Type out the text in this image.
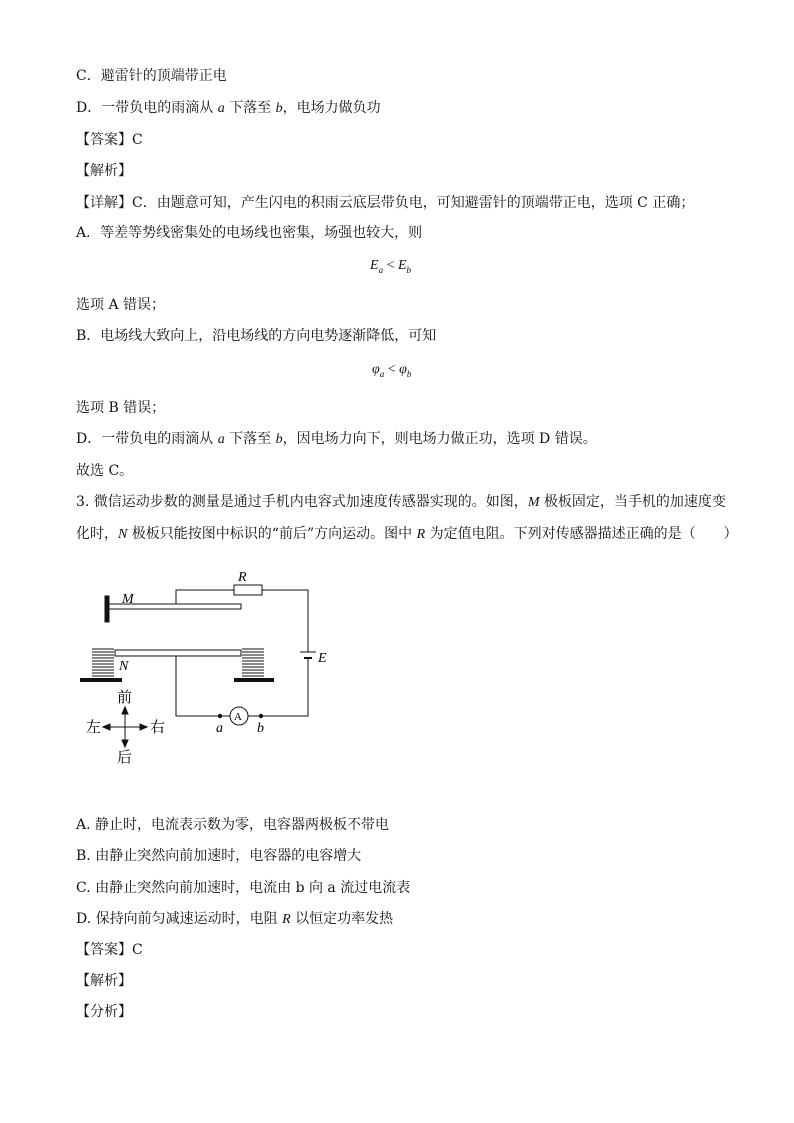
C．避雷针的顶端带正电
D．一带负电的雨滴从 a 下落至 b，电场力做负功
【答案】C
【解析】
【详解】C．由题意可知，产生闪电的积雨云底层带负电，可知避雷针的顶端带正电，选项 C 正确；
A．等差等势线密集处的电场线也密集，场强也较大，则
$E_a < E_b$
选项 A 错误；
B．电场线大致向上，沿电场线的方向电势逐渐降低，可知
$\varphi_a < \varphi_b$
选项 B 错误；
D．一带负电的雨滴从 a 下落至 b，因电场力向下，则电场力做正功，选项 D 错误。
故选 C。
3. 微信运动步数的测量是通过手机内电容式加速度传感器实现的。如图，M 极板固定，当手机的加速度变
化时，N 极板只能按图中标识的“前后”方向运动。图中 R 为定值电阻。下列对传感器描述正确的是（　　）
R
M
N
E
A
a b
前
后
左	右
A. 静止时，电流表示数为零，电容器两极板不带电
B. 由静止突然向前加速时，电容器的电容增大
C. 由静止突然向前加速时，电流由 b 向 a 流过电流表
D. 保持向前匀减速运动时，电阻 R 以恒定功率发热
【答案】C
【解析】
【分析】
